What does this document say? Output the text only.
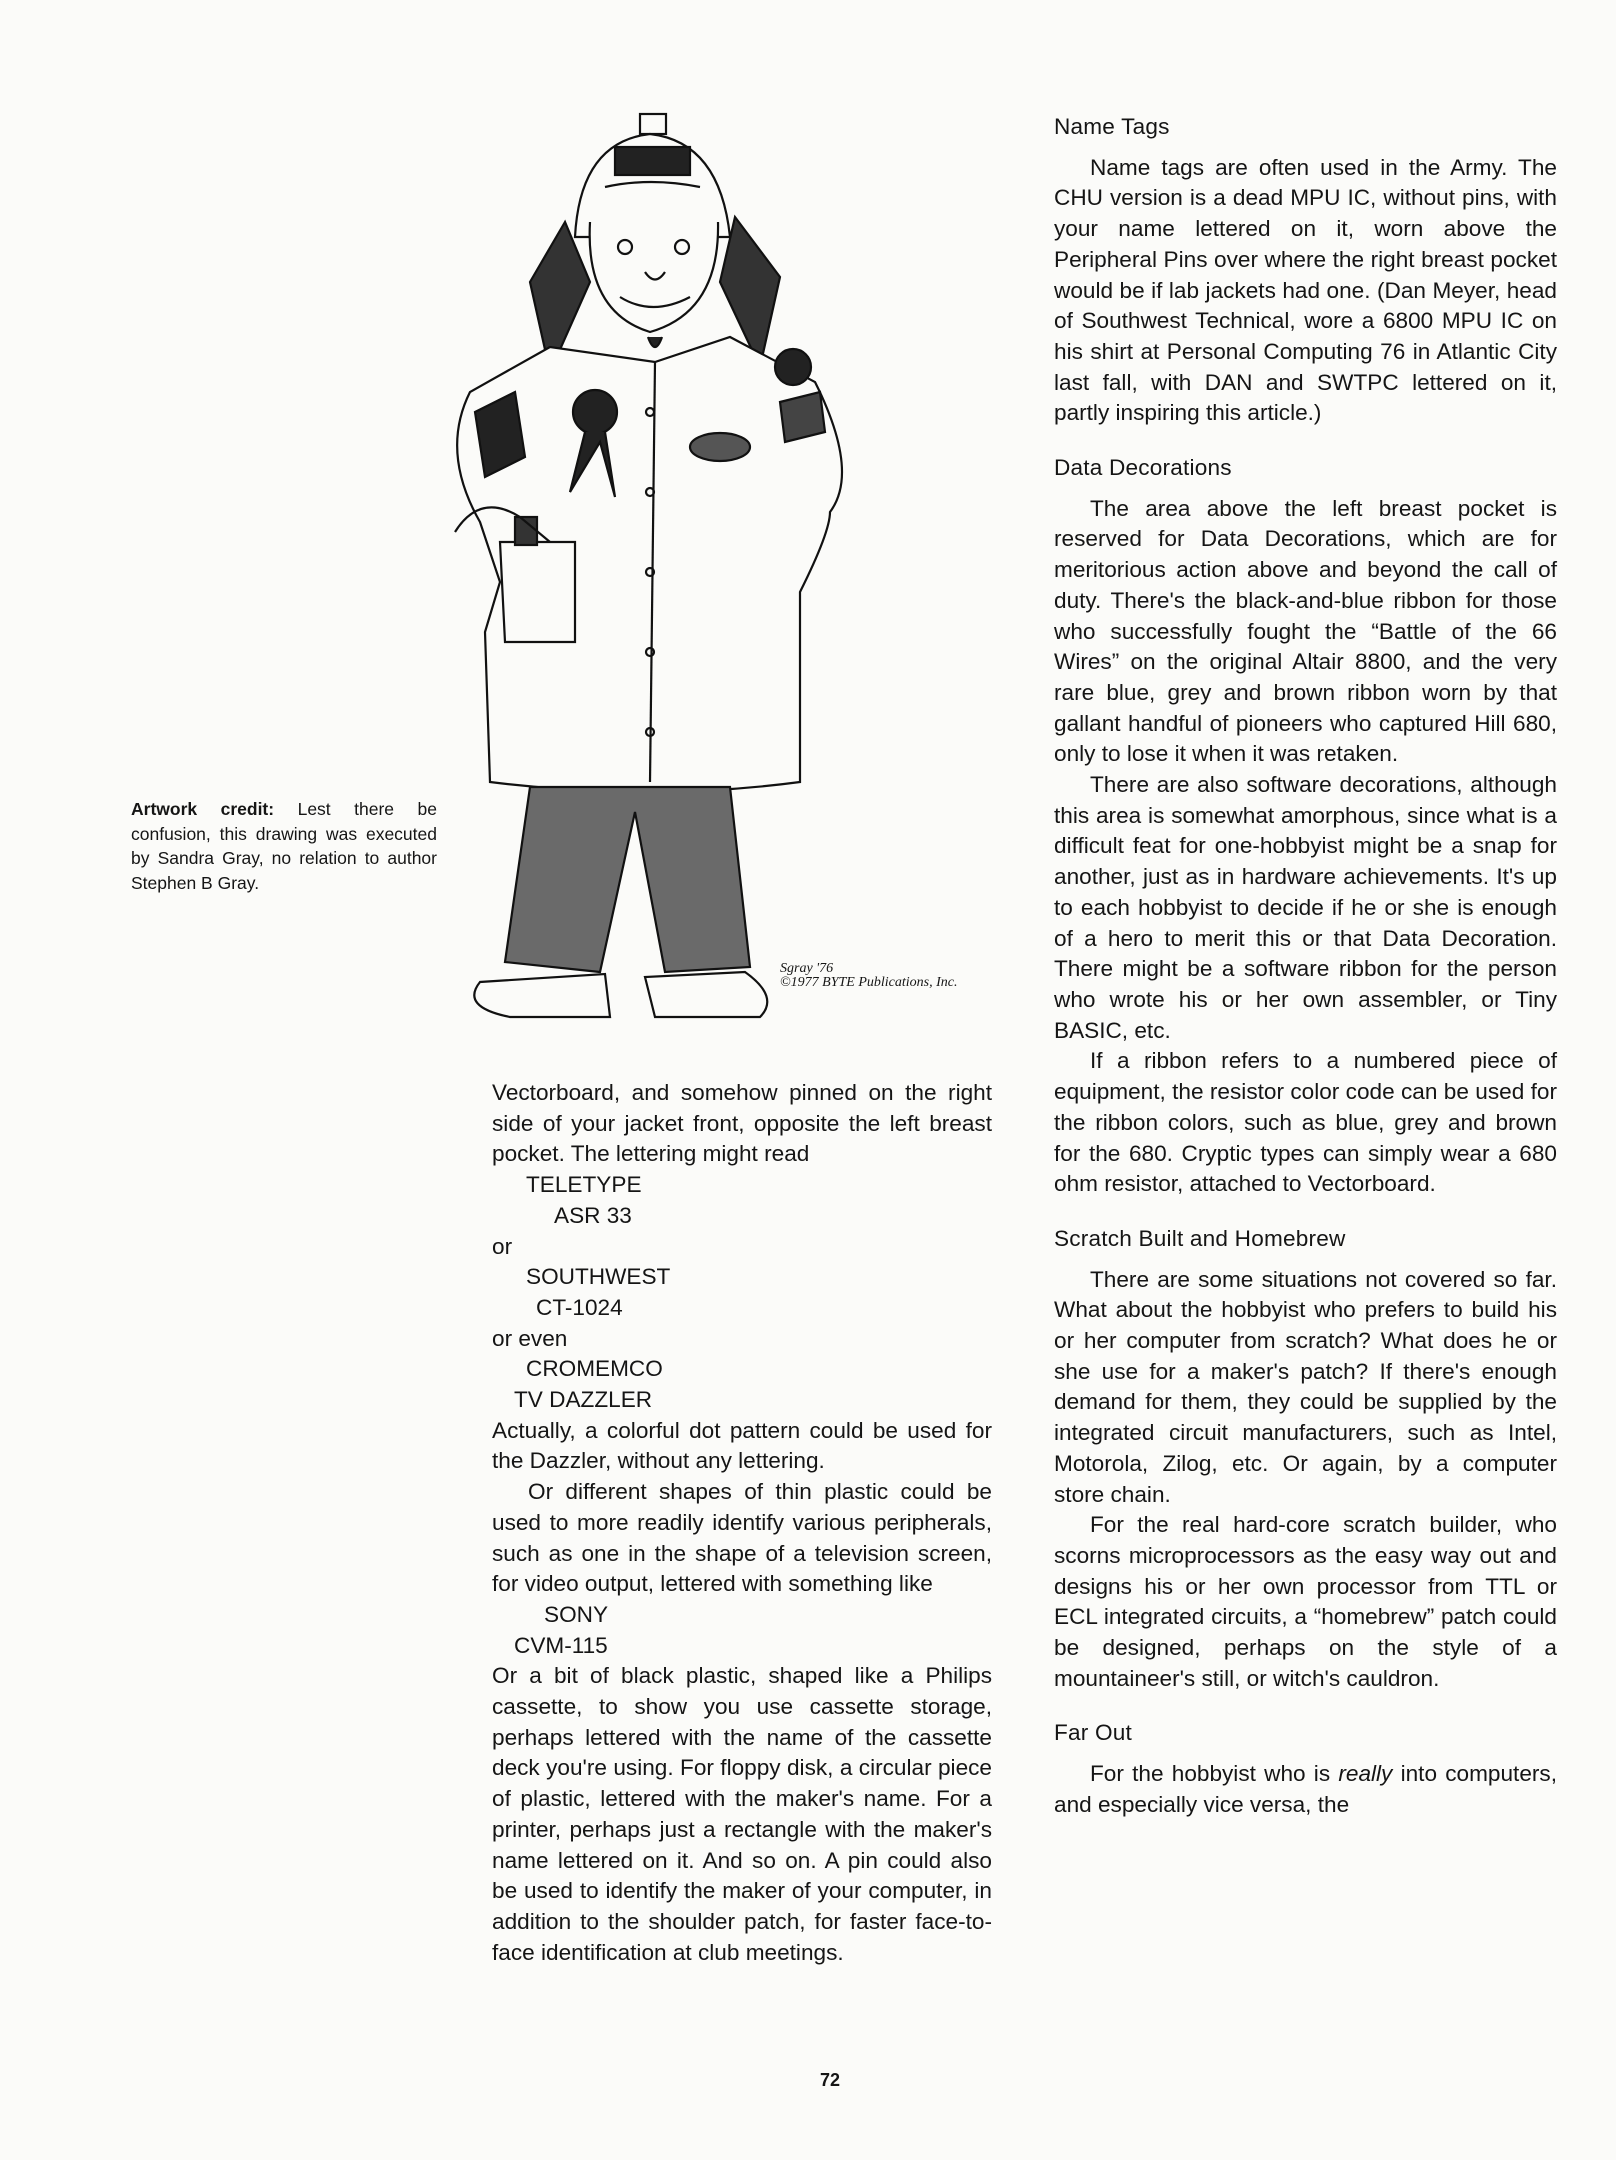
Artwork credit: Lest there be confusion, this drawing was executed by Sandra Gray, no relation to author Stephen B Gray.
Sgray '76
©1977 BYTE Publications, Inc.

Vectorboard, and somehow pinned on the right side of your jacket front, opposite the left breast pocket. The lettering might read

TELETYPE
ASR 33
or
SOUTHWEST
CT-1024
or even
CROMEMCO
TV DAZZLER

Actually, a colorful dot pattern could be used for the Dazzler, without any lettering.

Or different shapes of thin plastic could be used to more readily identify various peripherals, such as one in the shape of a television screen, for video output, lettered with something like

SONY
CVM-115

Or a bit of black plastic, shaped like a Philips cassette, to show you use cassette storage, perhaps lettered with the name of the cassette deck you're using. For floppy disk, a circular piece of plastic, lettered with the maker's name. For a printer, perhaps just a rectangle with the maker's name lettered on it. And so on. A pin could also be used to identify the maker of your computer, in addition to the shoulder patch, for faster face-to-face identification at club meetings.

Name Tags

Name tags are often used in the Army. The CHU version is a dead MPU IC, without pins, with your name lettered on it, worn above the Peripheral Pins over where the right breast pocket would be if lab jackets had one. (Dan Meyer, head of Southwest Technical, wore a 6800 MPU IC on his shirt at Personal Computing 76 in Atlantic City last fall, with DAN and SWTPC lettered on it, partly inspiring this article.)

Data Decorations

The area above the left breast pocket is reserved for Data Decorations, which are for meritorious action above and beyond the call of duty. There's the black-and-blue ribbon for those who successfully fought the “Battle of the 66 Wires” on the original Altair 8800, and the very rare blue, grey and brown ribbon worn by that gallant handful of pioneers who captured Hill 680, only to lose it when it was retaken.

There are also software decorations, although this area is somewhat amorphous, since what is a difficult feat for one-hobbyist might be a snap for another, just as in hardware achievements. It's up to each hobbyist to decide if he or she is enough of a hero to merit this or that Data Decoration. There might be a software ribbon for the person who wrote his or her own assembler, or Tiny BASIC, etc.

If a ribbon refers to a numbered piece of equipment, the resistor color code can be used for the ribbon colors, such as blue, grey and brown for the 680. Cryptic types can simply wear a 680 ohm resistor, attached to Vectorboard.

Scratch Built and Homebrew

There are some situations not covered so far. What about the hobbyist who prefers to build his or her computer from scratch? What does he or she use for a maker's patch? If there's enough demand for them, they could be supplied by the integrated circuit manufacturers, such as Intel, Motorola, Zilog, etc. Or again, by a computer store chain.

For the real hard-core scratch builder, who scorns microprocessors as the easy way out and designs his or her own processor from TTL or ECL integrated circuits, a “homebrew” patch could be designed, perhaps on the style of a mountaineer's still, or witch's cauldron.

Far Out

For the hobbyist who is really into computers, and especially vice versa, the

72
